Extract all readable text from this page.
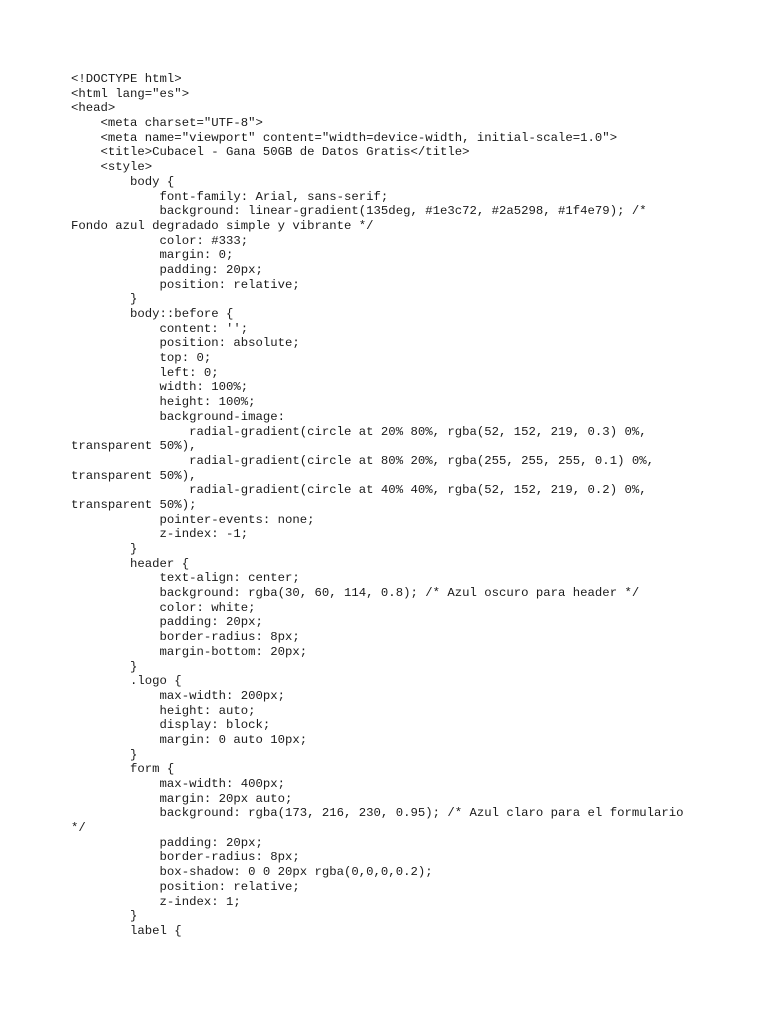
<!DOCTYPE html>
<html lang="es">
<head>
<meta charset="UTF-8">
<meta name="viewport" content="width=device-width, initial-scale=1.0">
<title>Cubacel - Gana 50GB de Datos Gratis</title>
<style>
body {
font-family: Arial, sans-serif;
background: linear-gradient(135deg, #1e3c72, #2a5298, #1f4e79); /*
Fondo azul degradado simple y vibrante */
color: #333;
margin: 0;
padding: 20px;
position: relative;
}
body::before {
content: '';
position: absolute;
top: 0;
left: 0;
width: 100%;
height: 100%;
background-image:
radial-gradient(circle at 20% 80%, rgba(52, 152, 219, 0.3) 0%,
transparent 50%),
radial-gradient(circle at 80% 20%, rgba(255, 255, 255, 0.1) 0%,
transparent 50%),
radial-gradient(circle at 40% 40%, rgba(52, 152, 219, 0.2) 0%,
transparent 50%);
pointer-events: none;
z-index: -1;
}
header {
text-align: center;
background: rgba(30, 60, 114, 0.8); /* Azul oscuro para header */
color: white;
padding: 20px;
border-radius: 8px;
margin-bottom: 20px;
}
.logo {
max-width: 200px;
height: auto;
display: block;
margin: 0 auto 10px;
}
form {
max-width: 400px;
margin: 20px auto;
background: rgba(173, 216, 230, 0.95); /* Azul claro para el formulario
*/
padding: 20px;
border-radius: 8px;
box-shadow: 0 0 20px rgba(0,0,0,0.2);
position: relative;
z-index: 1;
}
label {
